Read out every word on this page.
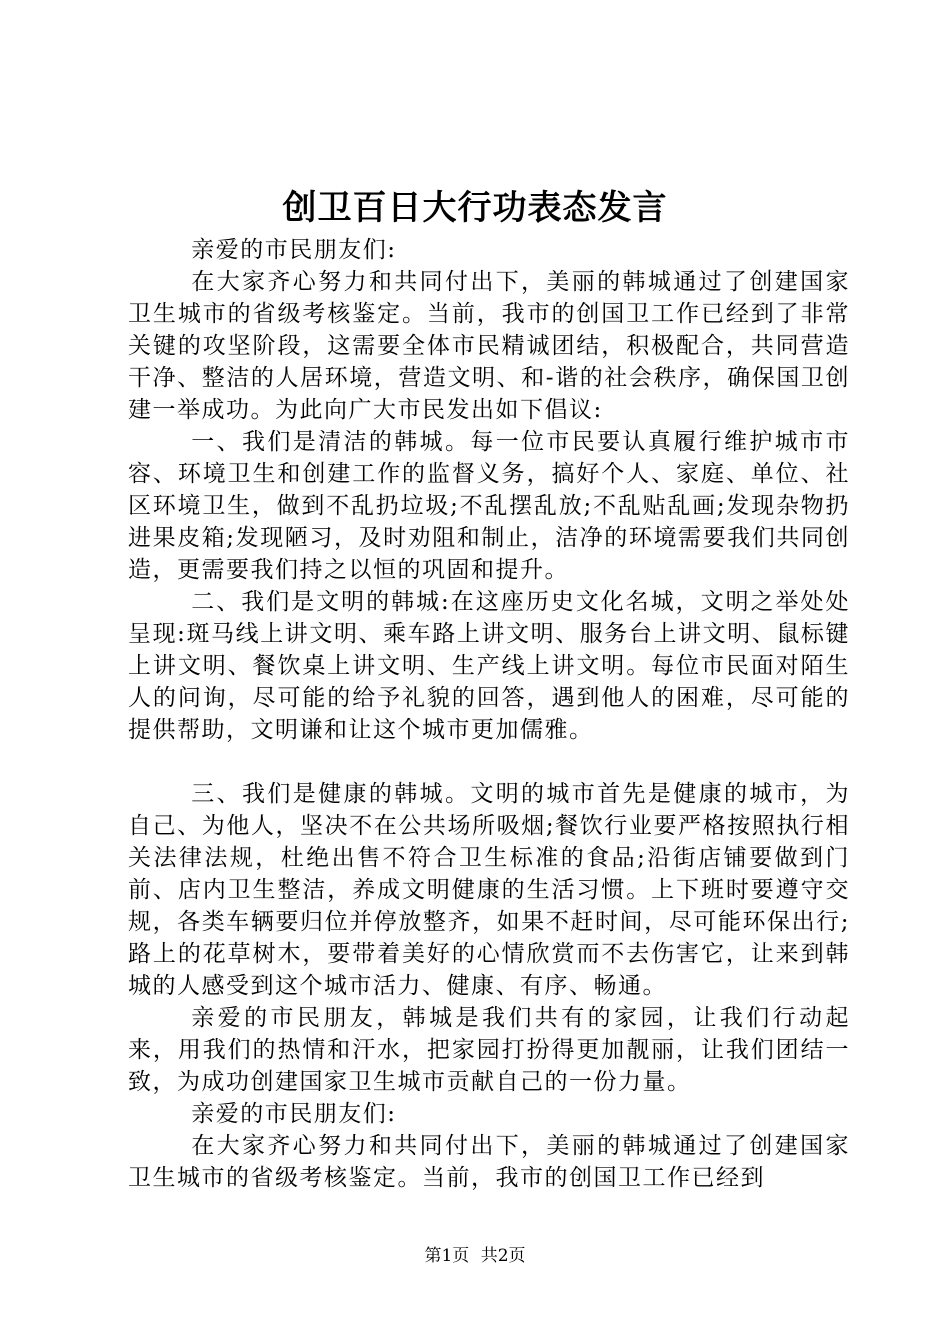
创卫百日大行功表态发言

亲爱的市民朋友们:

在大家齐心努力和共同付出下，美丽的韩城通过了创建国家卫生城市的省级考核鉴定。当前，我市的创国卫工作已经到了非常关键的攻坚阶段，这需要全体市民精诚团结，积极配合，共同营造干净、整洁的人居环境，营造文明、和-谐的社会秩序，确保国卫创建一举成功。为此向广大市民发出如下倡议:

一、我们是清洁的韩城。每一位市民要认真履行维护城市市容、环境卫生和创建工作的监督义务，搞好个人、家庭、单位、社区环境卫生，做到不乱扔垃圾;不乱摆乱放;不乱贴乱画;发现杂物扔进果皮箱;发现陋习，及时劝阻和制止，洁净的环境需要我们共同创造，更需要我们持之以恒的巩固和提升。

二、我们是文明的韩城:在这座历史文化名城，文明之举处处呈现:斑马线上讲文明、乘车路上讲文明、服务台上讲文明、鼠标键上讲文明、餐饮桌上讲文明、生产线上讲文明。每位市民面对陌生人的问询，尽可能的给予礼貌的回答，遇到他人的困难，尽可能的提供帮助，文明谦和让这个城市更加儒雅。

三、我们是健康的韩城。文明的城市首先是健康的城市，为自己、为他人，坚决不在公共场所吸烟;餐饮行业要严格按照执行相关法律法规，杜绝出售不符合卫生标准的食品;沿街店铺要做到门前、店内卫生整洁，养成文明健康的生活习惯。上下班时要遵守交规，各类车辆要归位并停放整齐，如果不赶时间，尽可能环保出行;路上的花草树木，要带着美好的心情欣赏而不去伤害它，让来到韩城的人感受到这个城市活力、健康、有序、畅通。

亲爱的市民朋友，韩城是我们共有的家园，让我们行动起来，用我们的热情和汗水，把家园打扮得更加靓丽，让我们团结一致，为成功创建国家卫生城市贡献自己的一份力量。

亲爱的市民朋友们:

在大家齐心努力和共同付出下，美丽的韩城通过了创建国家卫生城市的省级考核鉴定。当前，我市的创国卫工作已经到

第1页 共2页
